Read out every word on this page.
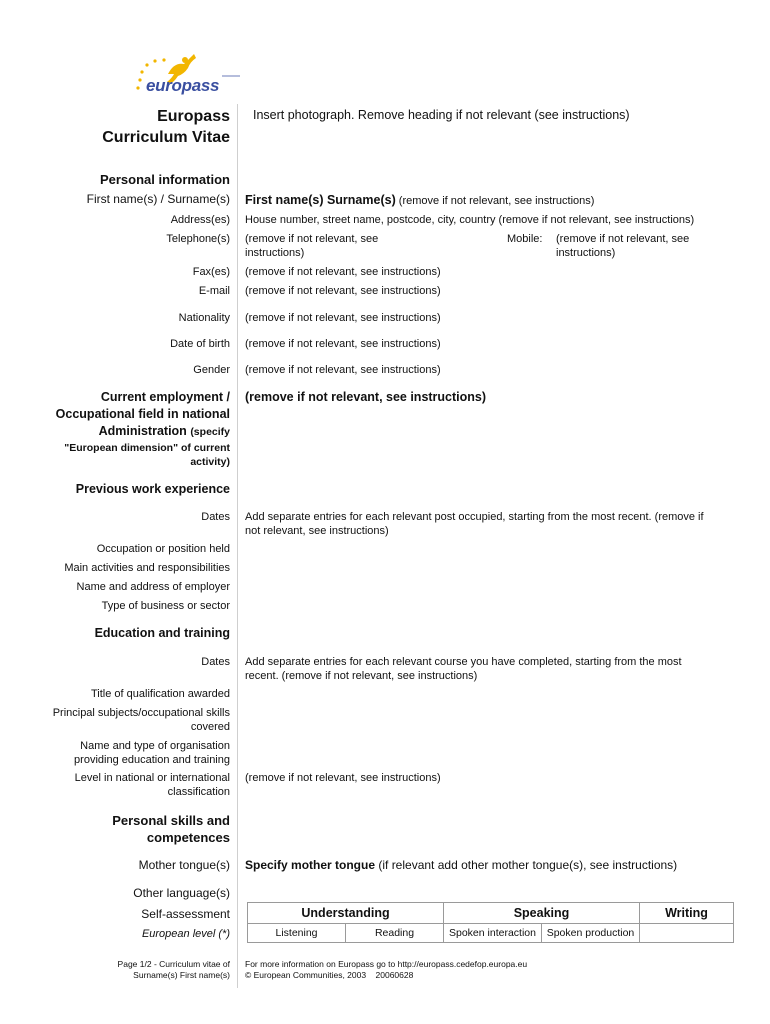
europass
Europass
Curriculum Vitae
Insert photograph. Remove heading if not relevant (see instructions)
Personal information
First name(s) / Surname(s) First name(s) Surname(s) (remove if not relevant, see instructions)
Address(es) House number, street name, postcode, city, country (remove if not relevant, see instructions)
Telephone(s) (remove if not relevant, see instructions)
Mobile: (remove if not relevant, see instructions)
Fax(es) (remove if not relevant, see instructions)
E-mail (remove if not relevant, see instructions)
Nationality (remove if not relevant, see instructions)
Date of birth (remove if not relevant, see instructions)
Gender (remove if not relevant, see instructions)
Current employment /
Occupational field in national
Administration (specify
"European dimension" of current
activity)
(remove if not relevant, see instructions)
Previous work experience
Dates Add separate entries for each relevant post occupied, starting from the most recent. (remove if not relevant, see instructions)
Occupation or position held
Main activities and responsibilities
Name and address of employer
Type of business or sector
Education and training
Dates Add separate entries for each relevant course you have completed, starting from the most recent. (remove if not relevant, see instructions)
Title of qualification awarded
Principal subjects/occupational skills covered
Name and type of organisation providing education and training
Level in national or international classification
(remove if not relevant, see instructions)
Personal skills and
competences
Mother tongue(s) Specify mother tongue (if relevant add other mother tongue(s), see instructions)
Other language(s)
Self-assessment
European level (*)
Understanding		Speaking		Writing
Listening	Reading	Spoken interaction	Spoken production	
Page 1/2 - Curriculum vitae of
Surname(s) First name(s)
For more information on Europass go to http://europass.cedefop.europa.eu
© European Communities, 2003    20060628
